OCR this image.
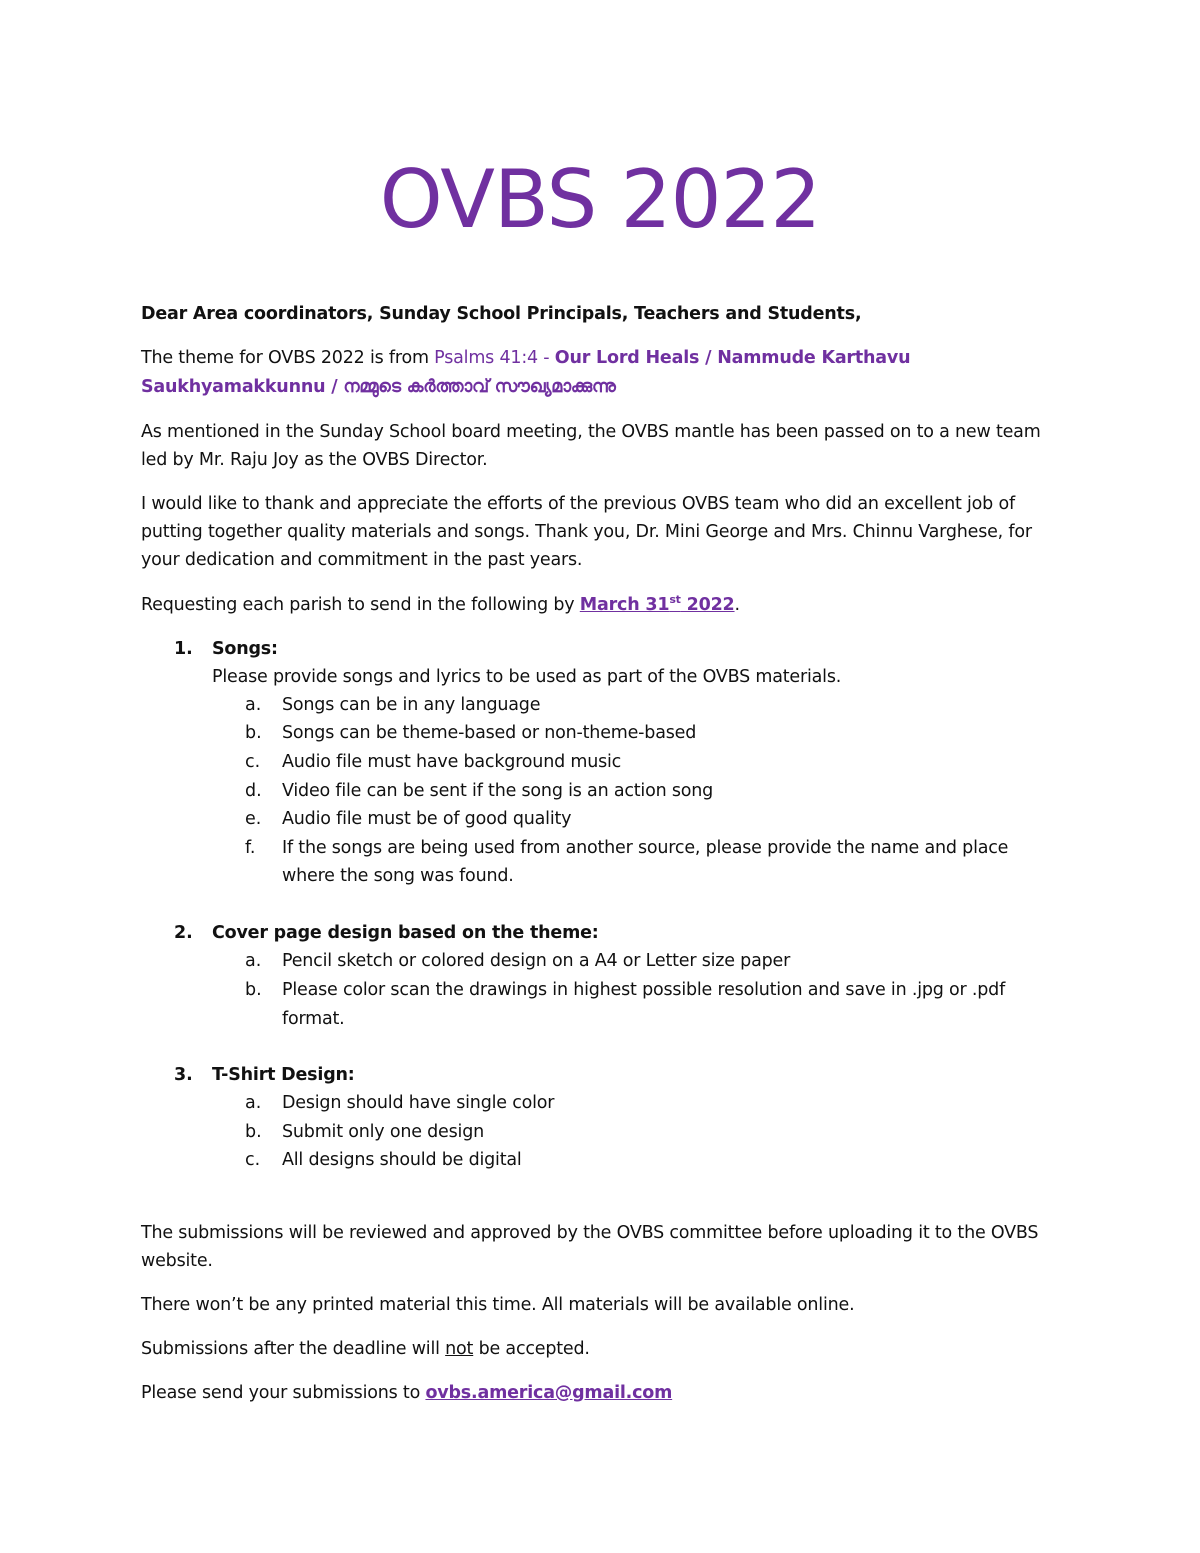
OVBS 2022
Dear Area coordinators, Sunday School Principals, Teachers and Students,
The theme for OVBS 2022 is from Psalms 41:4 - Our Lord Heals / Nammude Karthavu
Saukhyamakkunnu / നമ്മുടെ കർത്താവ് സൗഖ്യമാക്കുന്നു
As mentioned in the Sunday School board meeting, the OVBS mantle has been passed on to a new team
led by Mr. Raju Joy as the OVBS Director.
I would like to thank and appreciate the efforts of the previous OVBS team who did an excellent job of
putting together quality materials and songs. Thank you, Dr. Mini George and Mrs. Chinnu Varghese, for
your dedication and commitment in the past years.
Requesting each parish to send in the following by March 31st 2022.
1. Songs:
Please provide songs and lyrics to be used as part of the OVBS materials.
a. Songs can be in any language
b. Songs can be theme-based or non-theme-based
c. Audio file must have background music
d. Video file can be sent if the song is an action song
e. Audio file must be of good quality
f. If the songs are being used from another source, please provide the name and place
where the song was found.
2. Cover page design based on the theme:
a. Pencil sketch or colored design on a A4 or Letter size paper
b. Please color scan the drawings in highest possible resolution and save in .jpg or .pdf
format.
3. T-Shirt Design:
a. Design should have single color
b. Submit only one design
c. All designs should be digital
The submissions will be reviewed and approved by the OVBS committee before uploading it to the OVBS
website.
There won’t be any printed material this time. All materials will be available online.
Submissions after the deadline will not be accepted.
Please send your submissions to ovbs.america@gmail.com
